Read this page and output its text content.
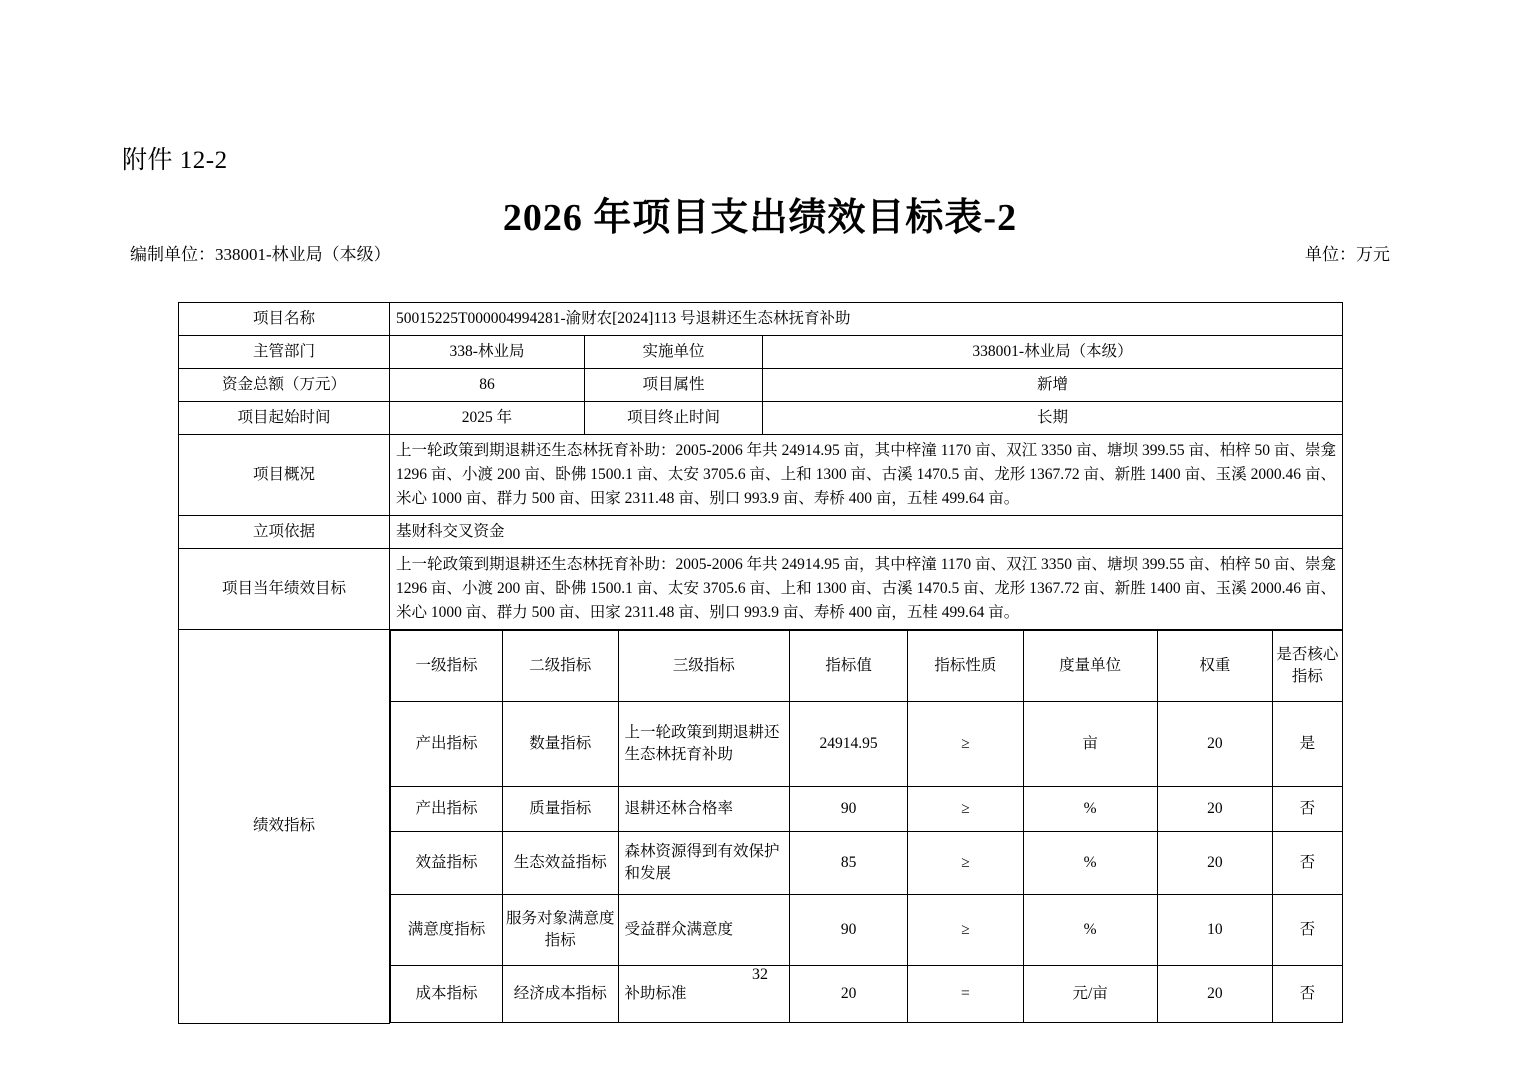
附件 12-2
2026 年项目支出绩效目标表-2
编制单位：338001-林业局（本级）	单位：万元
项目名称	50015225T000004994281-渝财农[2024]113 号退耕还生态林抚育补助
主管部门	338-林业局	实施单位	338001-林业局（本级）
资金总额（万元）	86	项目属性	新增
项目起始时间	2025 年	项目终止时间	长期
项目概况	上一轮政策到期退耕还生态林抚育补助：2005-2006 年共 24914.95 亩，其中梓潼 1170 亩、双江 3350 亩、塘坝 399.55 亩、柏梓 50 亩、崇龛 1296 亩、小渡 200 亩、卧佛 1500.1 亩、太安 3705.6 亩、上和 1300 亩、古溪 1470.5 亩、龙形 1367.72 亩、新胜 1400 亩、玉溪 2000.46 亩、米心 1000 亩、群力 500 亩、田家 2311.48 亩、别口 993.9 亩、寿桥 400 亩，五桂 499.64 亩。
立项依据	基财科交叉资金
项目当年绩效目标	上一轮政策到期退耕还生态林抚育补助：2005-2006 年共 24914.95 亩，其中梓潼 1170 亩、双江 3350 亩、塘坝 399.55 亩、柏梓 50 亩、崇龛 1296 亩、小渡 200 亩、卧佛 1500.1 亩、太安 3705.6 亩、上和 1300 亩、古溪 1470.5 亩、龙形 1367.72 亩、新胜 1400 亩、玉溪 2000.46 亩、米心 1000 亩、群力 500 亩、田家 2311.48 亩、别口 993.9 亩、寿桥 400 亩，五桂 499.64 亩。
绩效指标	
一级指标	二级指标	三级指标	指标值	指标性质	度量单位	权重	是否核心指标
产出指标	数量指标	上一轮政策到期退耕还生态林抚育补助	24914.95	≥	亩	20	是
产出指标	质量指标	退耕还林合格率	90	≥	%	20	否
效益指标	生态效益指标	森林资源得到有效保护和发展	85	≥	%	20	否
满意度指标	服务对象满意度指标	受益群众满意度	90	≥	%	10	否
成本指标	经济成本指标	补助标准	20	=	元/亩	20	否
32
